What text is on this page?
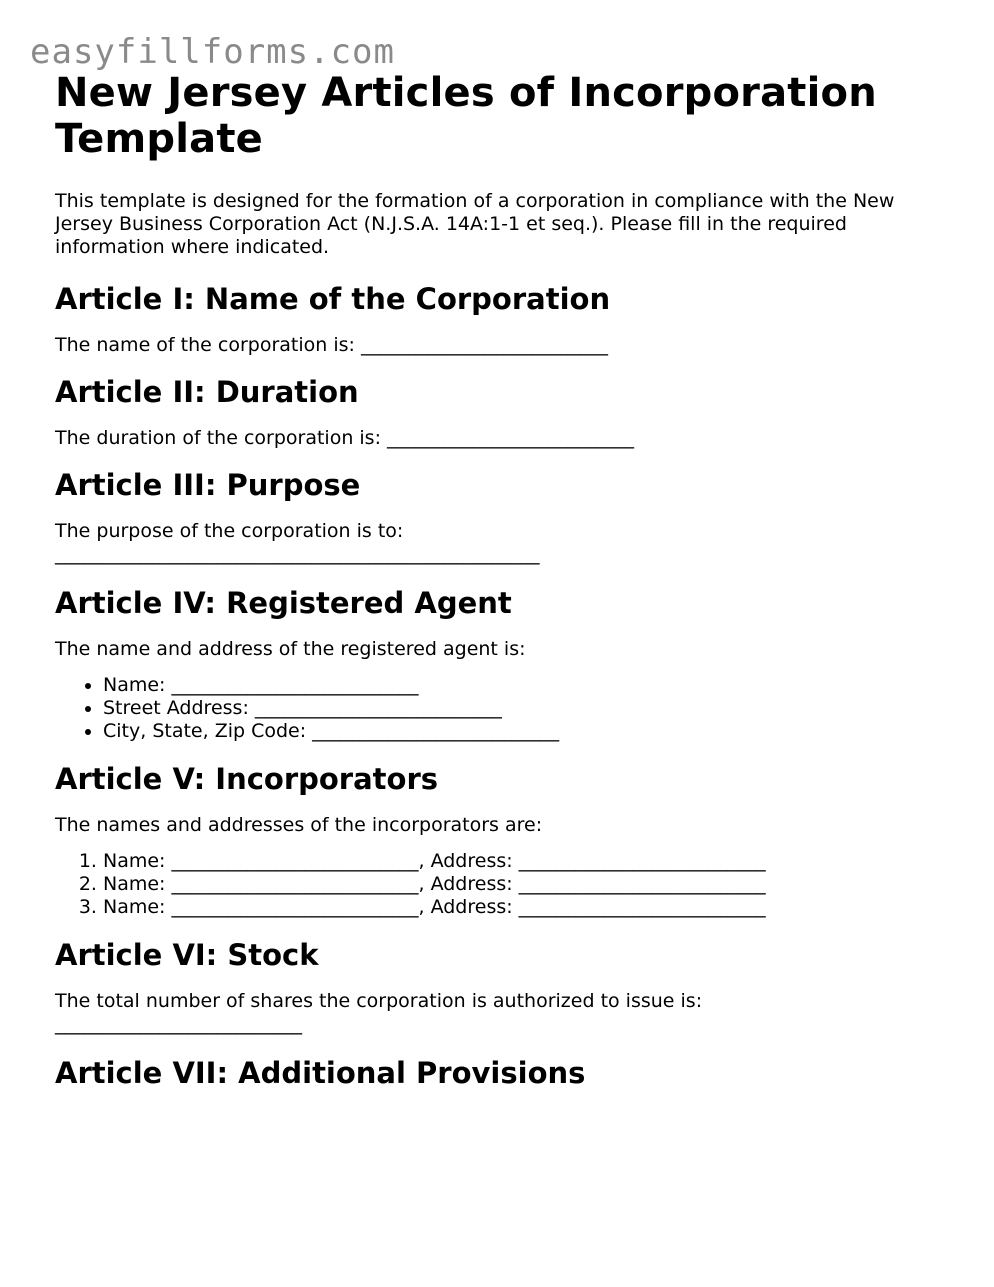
easyfillforms.com
New Jersey Articles of Incorporation Template

This template is designed for the formation of a corporation in compliance with the New Jersey Business Corporation Act (N.J.S.A. 14A:1-1 et seq.). Please fill in the required information where indicated.

Article I: Name of the Corporation

The name of the corporation is: __________________________

Article II: Duration

The duration of the corporation is: __________________________

Article III: Purpose

The purpose of the corporation is to:
___________________________________________________

Article IV: Registered Agent

The name and address of the registered agent is:

• Name: __________________________
• Street Address: __________________________
• City, State, Zip Code: __________________________
Article V: Incorporators

The names and addresses of the incorporators are:

1. Name: __________________________, Address: __________________________
2. Name: __________________________, Address: __________________________
3. Name: __________________________, Address: __________________________
Article VI: Stock

The total number of shares the corporation is authorized to issue is:
__________________________

Article VII: Additional Provisions
